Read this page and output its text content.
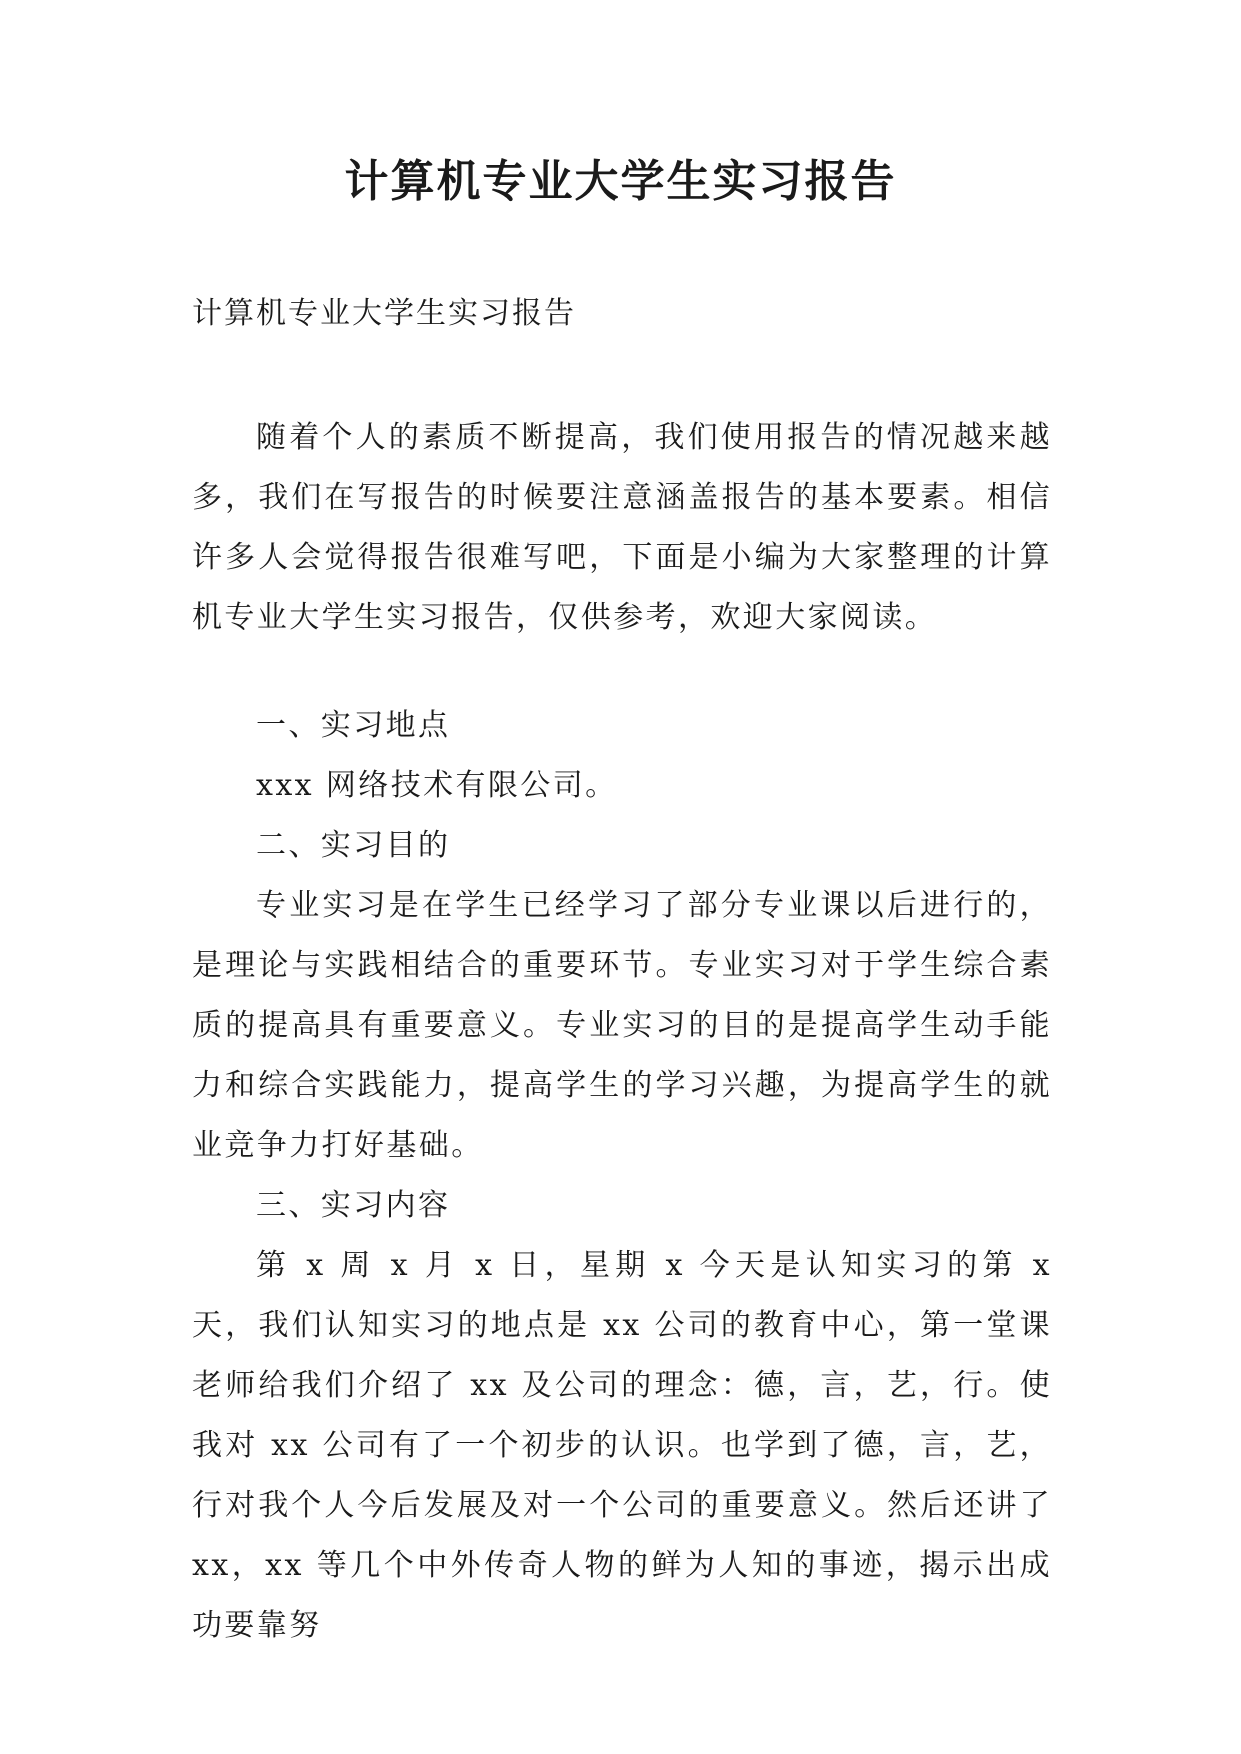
计算机专业大学生实习报告
计算机专业大学生实习报告

随着个人的素质不断提高，我们使用报告的情况越来越多，我们在写报告的时候要注意涵盖报告的基本要素。相信许多人会觉得报告很难写吧，下面是小编为大家整理的计算机专业大学生实习报告，仅供参考，欢迎大家阅读。

一、实习地点

xxx 网络技术有限公司。

二、实习目的

专业实习是在学生已经学习了部分专业课以后进行的，是理论与实践相结合的重要环节。专业实习对于学生综合素质的提高具有重要意义。专业实习的目的是提高学生动手能力和综合实践能力，提高学生的学习兴趣，为提高学生的就业竞争力打好基础。

三、实习内容

第 x 周 x 月 x 日，星期 x 今天是认知实习的第 x 天，我们认知实习的地点是 xx 公司的教育中心，第一堂课老师给我们介绍了 xx 及公司的理念：德，言，艺，行。使我对 xx 公司有了一个初步的认识。也学到了德，言，艺，行对我个人今后发展及对一个公司的重要意义。然后还讲了 xx，xx 等几个中外传奇人物的鲜为人知的事迹，揭示出成功要靠努
